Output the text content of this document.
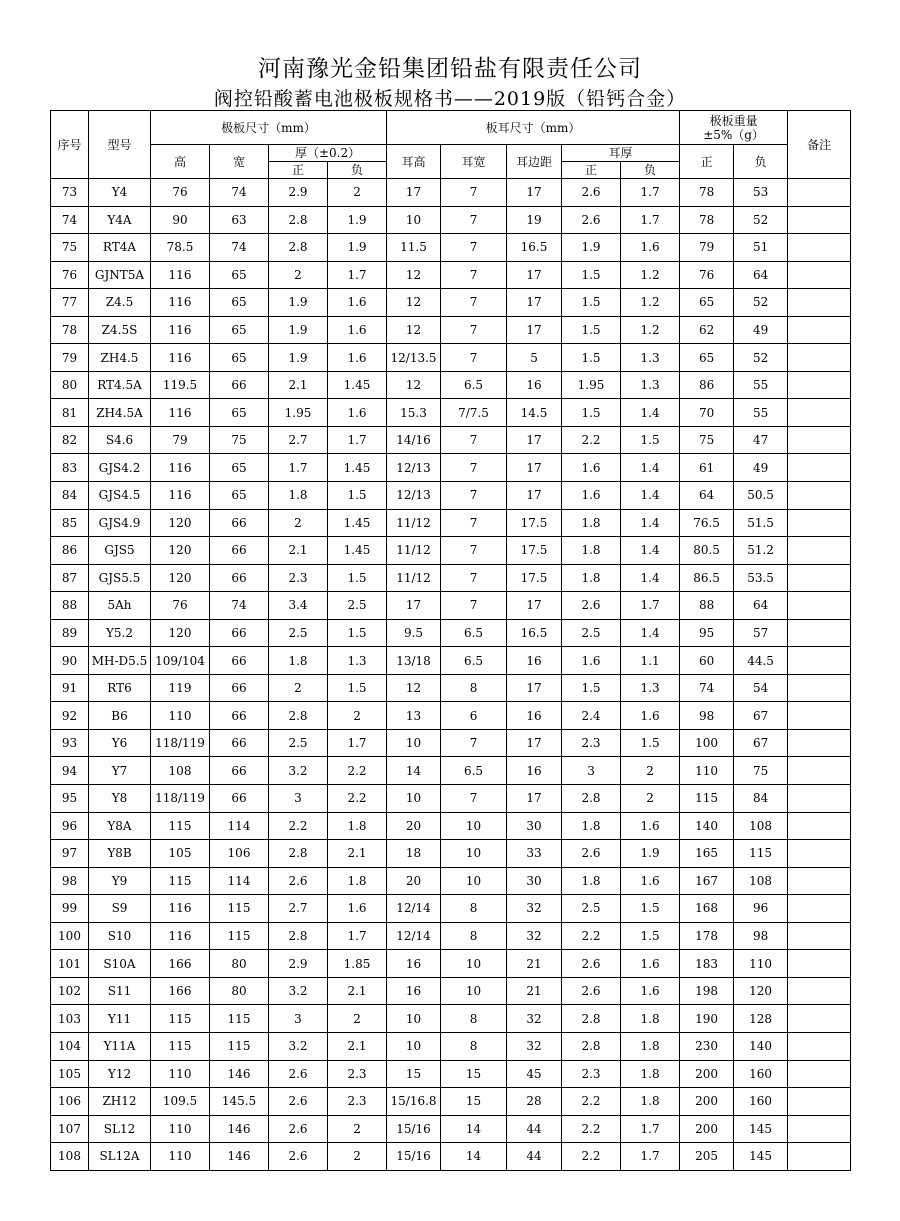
河南豫光金铅集团铅盐有限责任公司
阀控铅酸蓄电池极板规格书——2019版（铅钙合金）
序号	型号	极板尺寸（mm）				板耳尺寸（mm）					极板重量
±5%（g）		备注
		高	宽	厚（±0.2）		耳高	耳宽	耳边距	耳厚		正	负	
				正	负				正	负			
73	Y4	76	74	2.9	2	17	7	17	2.6	1.7	78	53	
74	Y4A	90	63	2.8	1.9	10	7	19	2.6	1.7	78	52	
75	RT4A	78.5	74	2.8	1.9	11.5	7	16.5	1.9	1.6	79	51	
76	GJNT5A	116	65	2	1.7	12	7	17	1.5	1.2	76	64	
77	Z4.5	116	65	1.9	1.6	12	7	17	1.5	1.2	65	52	
78	Z4.5S	116	65	1.9	1.6	12	7	17	1.5	1.2	62	49	
79	ZH4.5	116	65	1.9	1.6	12/13.5	7	5	1.5	1.3	65	52	
80	RT4.5A	119.5	66	2.1	1.45	12	6.5	16	1.95	1.3	86	55	
81	ZH4.5A	116	65	1.95	1.6	15.3	7/7.5	14.5	1.5	1.4	70	55	
82	S4.6	79	75	2.7	1.7	14/16	7	17	2.2	1.5	75	47	
83	GJS4.2	116	65	1.7	1.45	12/13	7	17	1.6	1.4	61	49	
84	GJS4.5	116	65	1.8	1.5	12/13	7	17	1.6	1.4	64	50.5	
85	GJS4.9	120	66	2	1.45	11/12	7	17.5	1.8	1.4	76.5	51.5	
86	GJS5	120	66	2.1	1.45	11/12	7	17.5	1.8	1.4	80.5	51.2	
87	GJS5.5	120	66	2.3	1.5	11/12	7	17.5	1.8	1.4	86.5	53.5	
88	5Ah	76	74	3.4	2.5	17	7	17	2.6	1.7	88	64	
89	Y5.2	120	66	2.5	1.5	9.5	6.5	16.5	2.5	1.4	95	57	
90	MH-D5.5	109/104	66	1.8	1.3	13/18	6.5	16	1.6	1.1	60	44.5	
91	RT6	119	66	2	1.5	12	8	17	1.5	1.3	74	54	
92	B6	110	66	2.8	2	13	6	16	2.4	1.6	98	67	
93	Y6	118/119	66	2.5	1.7	10	7	17	2.3	1.5	100	67	
94	Y7	108	66	3.2	2.2	14	6.5	16	3	2	110	75	
95	Y8	118/119	66	3	2.2	10	7	17	2.8	2	115	84	
96	Y8A	115	114	2.2	1.8	20	10	30	1.8	1.6	140	108	
97	Y8B	105	106	2.8	2.1	18	10	33	2.6	1.9	165	115	
98	Y9	115	114	2.6	1.8	20	10	30	1.8	1.6	167	108	
99	S9	116	115	2.7	1.6	12/14	8	32	2.5	1.5	168	96	
100	S10	116	115	2.8	1.7	12/14	8	32	2.2	1.5	178	98	
101	S10A	166	80	2.9	1.85	16	10	21	2.6	1.6	183	110	
102	S11	166	80	3.2	2.1	16	10	21	2.6	1.6	198	120	
103	Y11	115	115	3	2	10	8	32	2.8	1.8	190	128	
104	Y11A	115	115	3.2	2.1	10	8	32	2.8	1.8	230	140	
105	Y12	110	146	2.6	2.3	15	15	45	2.3	1.8	200	160	
106	ZH12	109.5	145.5	2.6	2.3	15/16.8	15	28	2.2	1.8	200	160	
107	SL12	110	146	2.6	2	15/16	14	44	2.2	1.7	200	145	
108	SL12A	110	146	2.6	2	15/16	14	44	2.2	1.7	205	145	
